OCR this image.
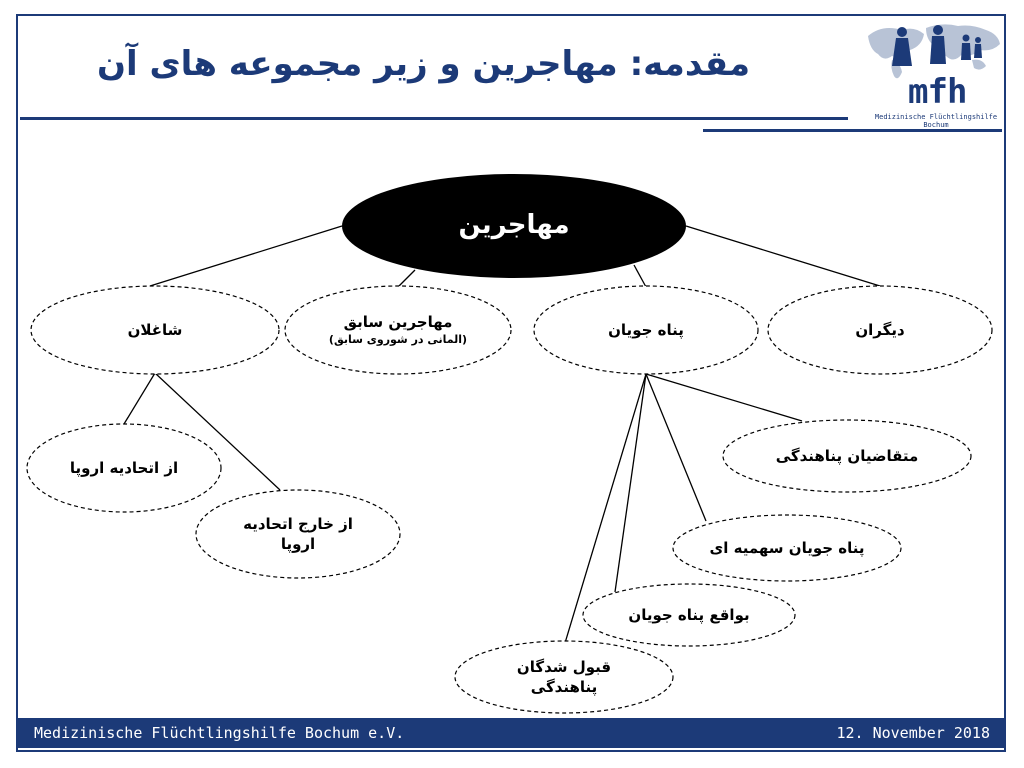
مقدمه: مهاجرین و زیر مجموعه های آن
mfh
Medizinische Flüchtlingshilfe Bochum
مهاجرین
شاغلان	مهاجرین سابق
(المانی در شوروی سابق)
پناه جویان	دیگران
از اتحادیه اروپا
از خارج اتحادیه
اروپا
متقاضیان پناهندگی
پناه جویان سهمیه ای
بواقع پناه جویان
قبول شدگان
پناهندگی
Medizinische Flüchtlingshilfe Bochum e.V.	12. November 2018
